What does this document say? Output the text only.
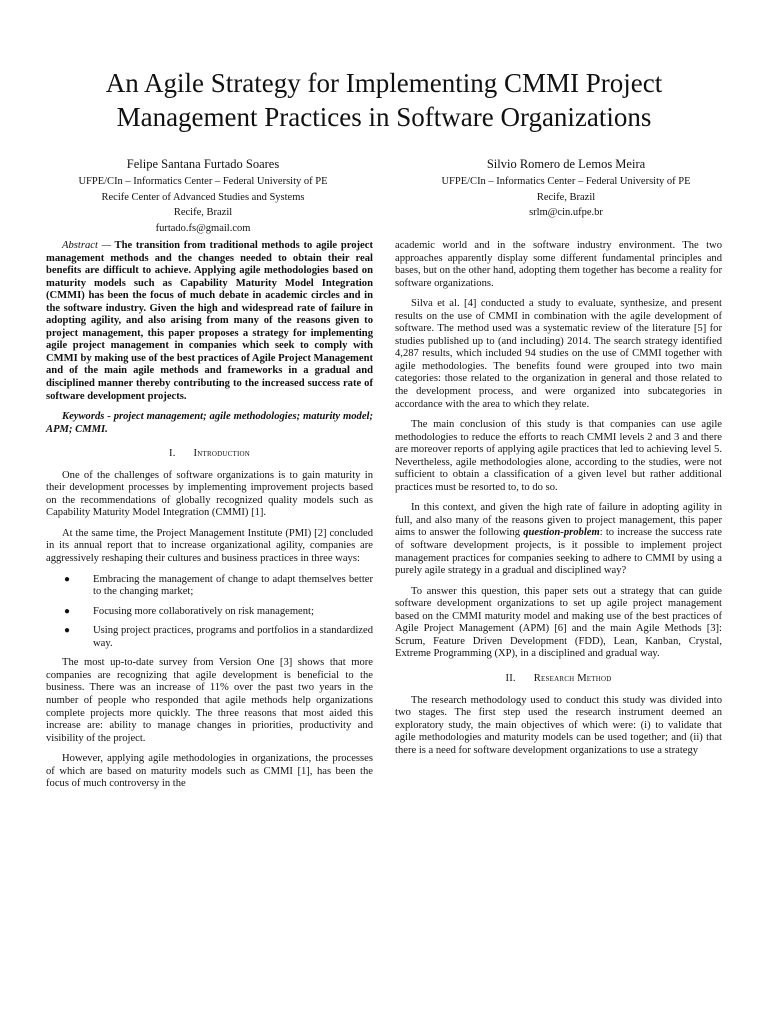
An Agile Strategy for Implementing CMMI Project
Management Practices in Software Organizations
Felipe Santana Furtado Soares
UFPE/CIn – Informatics Center – Federal University of PE
Recife Center of Advanced Studies and Systems
Recife, Brazil
furtado.fs@gmail.com
Silvio Romero de Lemos Meira
UFPE/CIn – Informatics Center – Federal University of PE
Recife, Brazil
srlm@cin.ufpe.br

Abstract — The transition from traditional methods to agile project management methods and the changes needed to obtain their real benefits are difficult to achieve. Applying agile methodologies based on maturity models such as Capability Maturity Model Integration (CMMI) has been the focus of much debate in academic circles and in the software industry. Given the high and widespread rate of failure in adopting agility, and also arising from many of the reasons given to project management, this paper proposes a strategy for implementing agile project management in companies which seek to comply with CMMI by making use of the best practices of Agile Project Management and of the main agile methods and frameworks in a gradual and disciplined manner thereby contributing to the increased success rate of software development projects.

Keywords - project management; agile methodologies; maturity model; APM; CMMI.

I. Introduction

One of the challenges of software organizations is to gain maturity in their development processes by implementing improvement projects based on the recommendations of globally recognized quality models such as Capability Maturity Model Integration (CMMI) [1].

At the same time, the Project Management Institute (PMI) [2] concluded in its annual report that to increase organizational agility, companies are aggressively reshaping their cultures and business practices in three ways:

● Embracing the management of change to adapt themselves better to the changing market;
● Focusing more collaboratively on risk management;
● Using project practices, programs and portfolios in a standardized way.

The most up-to-date survey from Version One [3] shows that more companies are recognizing that agile development is beneficial to the business. There was an increase of 11% over the past two years in the number of people who responded that agile methods help organizations complete projects more quickly. The three reasons that most aided this increase are: ability to manage changes in priorities, productivity and visibility of the project.

However, applying agile methodologies in organizations, the processes of which are based on maturity models such as CMMI [1], has been the focus of much controversy in the

academic world and in the software industry environment. The two approaches apparently display some different fundamental principles and bases, but on the other hand, adopting them together has become a reality for software organizations.

Silva et al. [4] conducted a study to evaluate, synthesize, and present results on the use of CMMI in combination with the agile development of software. The method used was a systematic review of the literature [5] for studies published up to (and including) 2014. The search strategy identified 4,287 results, which included 94 studies on the use of CMMI together with agile methodologies. The benefits found were grouped into two main categories: those related to the organization in general and those related to the development process, and were organized into subcategories in accordance with the area to which they relate.

The main conclusion of this study is that companies can use agile methodologies to reduce the efforts to reach CMMI levels 2 and 3 and there are moreover reports of applying agile practices that led to achieving level 5. Nevertheless, agile methodologies alone, according to the studies, were not sufficient to obtain a classification of a given level but rather additional practices must be resorted to, to do so.

In this context, and given the high rate of failure in adopting agility in full, and also many of the reasons given to project management, this paper aims to answer the following question-problem: to increase the success rate of software development projects, is it possible to implement project management practices for companies seeking to adhere to CMMI by using a purely agile strategy in a gradual and disciplined way?

To answer this question, this paper sets out a strategy that can guide software development organizations to set up agile project management based on the CMMI maturity model and making use of the best practices of Agile Project Management (APM) [6] and the main Agile Methods [3]: Scrum, Feature Driven Development (FDD), Lean, Kanban, Crystal, Extreme Programming (XP), in a disciplined and gradual way.

II. Research Method

The research methodology used to conduct this study was divided into two stages. The first step used the research instrument deemed an exploratory study, the main objectives of which were: (i) to validate that agile methodologies and maturity models can be used together; and (ii) that there is a need for software development organizations to use a strategy
